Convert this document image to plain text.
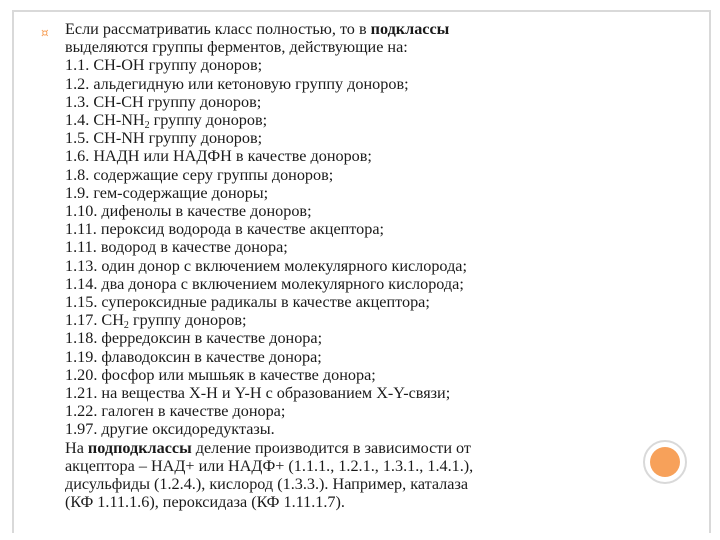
¤ Если рассматриватиь класс полностью, то в подклассы
выделяются группы ферментов, действующие на:
1.1. CH-OH группу доноров;
1.2. альдегидную или кетоновую группу доноров;
1.3. CH-CH группу доноров;
1.4. $CH-NH_2$ группу доноров;
1.5. CH-NH группу доноров;
1.6. НАДН или НАДФН в качестве доноров;
1.8. содержащие серу группы доноров;
1.9. гем-содержащие доноры;
1.10. дифенолы в качестве доноров;
1.11. пероксид водорода в качестве акцептора;
1.11. водород в качестве донора;
1.13. один донор с включением молекулярного кислорода;
1.14. два донора с включением молекулярного кислорода;
1.15. супероксидные радикалы в качестве акцептора;
1.17. $CH_2$ группу доноров;
1.18. ферредоксин в качестве донора;
1.19. флаводоксин в качестве донора;
1.20. фосфор или мышьяк в качестве донора;
1.21. на вещества X-H и Y-H с образованием X-Y-связи;
1.22. галоген в качестве донора;
1.97. другие оксидоредуктазы.
На подподклассы деление производится в зависимости от
акцептора – НАД+ или НАДФ+ (1.1.1., 1.2.1., 1.3.1., 1.4.1.),
дисульфиды (1.2.4.), кислород (1.3.3.). Например, каталаза
(КФ 1.11.1.6), пероксидаза (КФ 1.11.1.7).
